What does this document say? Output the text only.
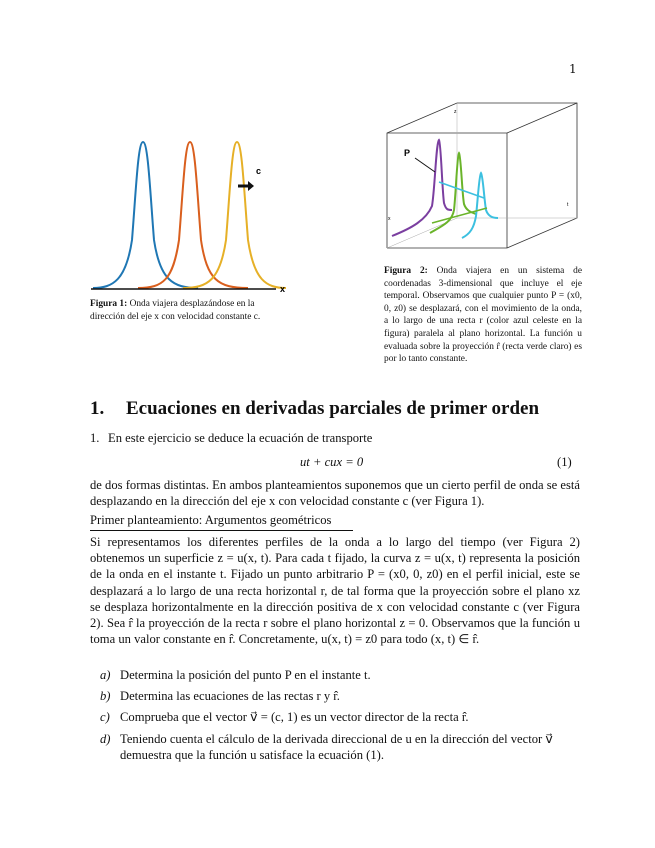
1
c
x
Figura 1: Onda viajera desplazándose en la dirección del eje x con velocidad constante c.
z
t
x
P
Figura 2: Onda viajera en un sistema de coordenadas 3-dimensional que incluye el eje temporal. Observamos que cualquier punto P = (x0, 0, z0) se desplazará, con el movimiento de la onda, a lo largo de una recta r (color azul celeste en la figura) paralela al plano horizontal. La función u evaluada sobre la proyección r̂ (recta verde claro) es por lo tanto constante.
1. Ecuaciones en derivadas parciales de primer orden
1. En este ejercicio se deduce la ecuación de transporte
ut + cux = 0	(1)
de dos formas distintas. En ambos planteamientos suponemos que un cierto perfil de onda se está desplazando en la dirección del eje x con velocidad constante c (ver Figura 1).
Primer planteamiento: Argumentos geométricos
Si representamos los diferentes perfiles de la onda a lo largo del tiempo (ver Figura 2) obtenemos un superficie z = u(x, t). Para cada t fijado, la curva z = u(x, t) representa la posición de la onda en el instante t. Fijado un punto arbitrario P = (x0, 0, z0) en el perfil inicial, este se desplazará a lo largo de una recta horizontal r, de tal forma que la proyección sobre el plano xz se desplaza horizontalmente en la dirección positiva de x con velocidad constante c (ver Figura 2). Sea r̂ la proyección de la recta r sobre el plano horizontal z = 0. Observamos que la función u toma un valor constante en r̂. Concretamente, u(x, t) = z0 para todo (x, t) ∈ r̂.
a) Determina la posición del punto P en el instante t.
b) Determina las ecuaciones de las rectas r y r̂.
c) Comprueba que el vector v⃗ = (c, 1) es un vector director de la recta r̂.
d) Teniendo cuenta el cálculo de la derivada direccional de u en la dirección del vector v⃗ demuestra que la función u satisface la ecuación (1).
